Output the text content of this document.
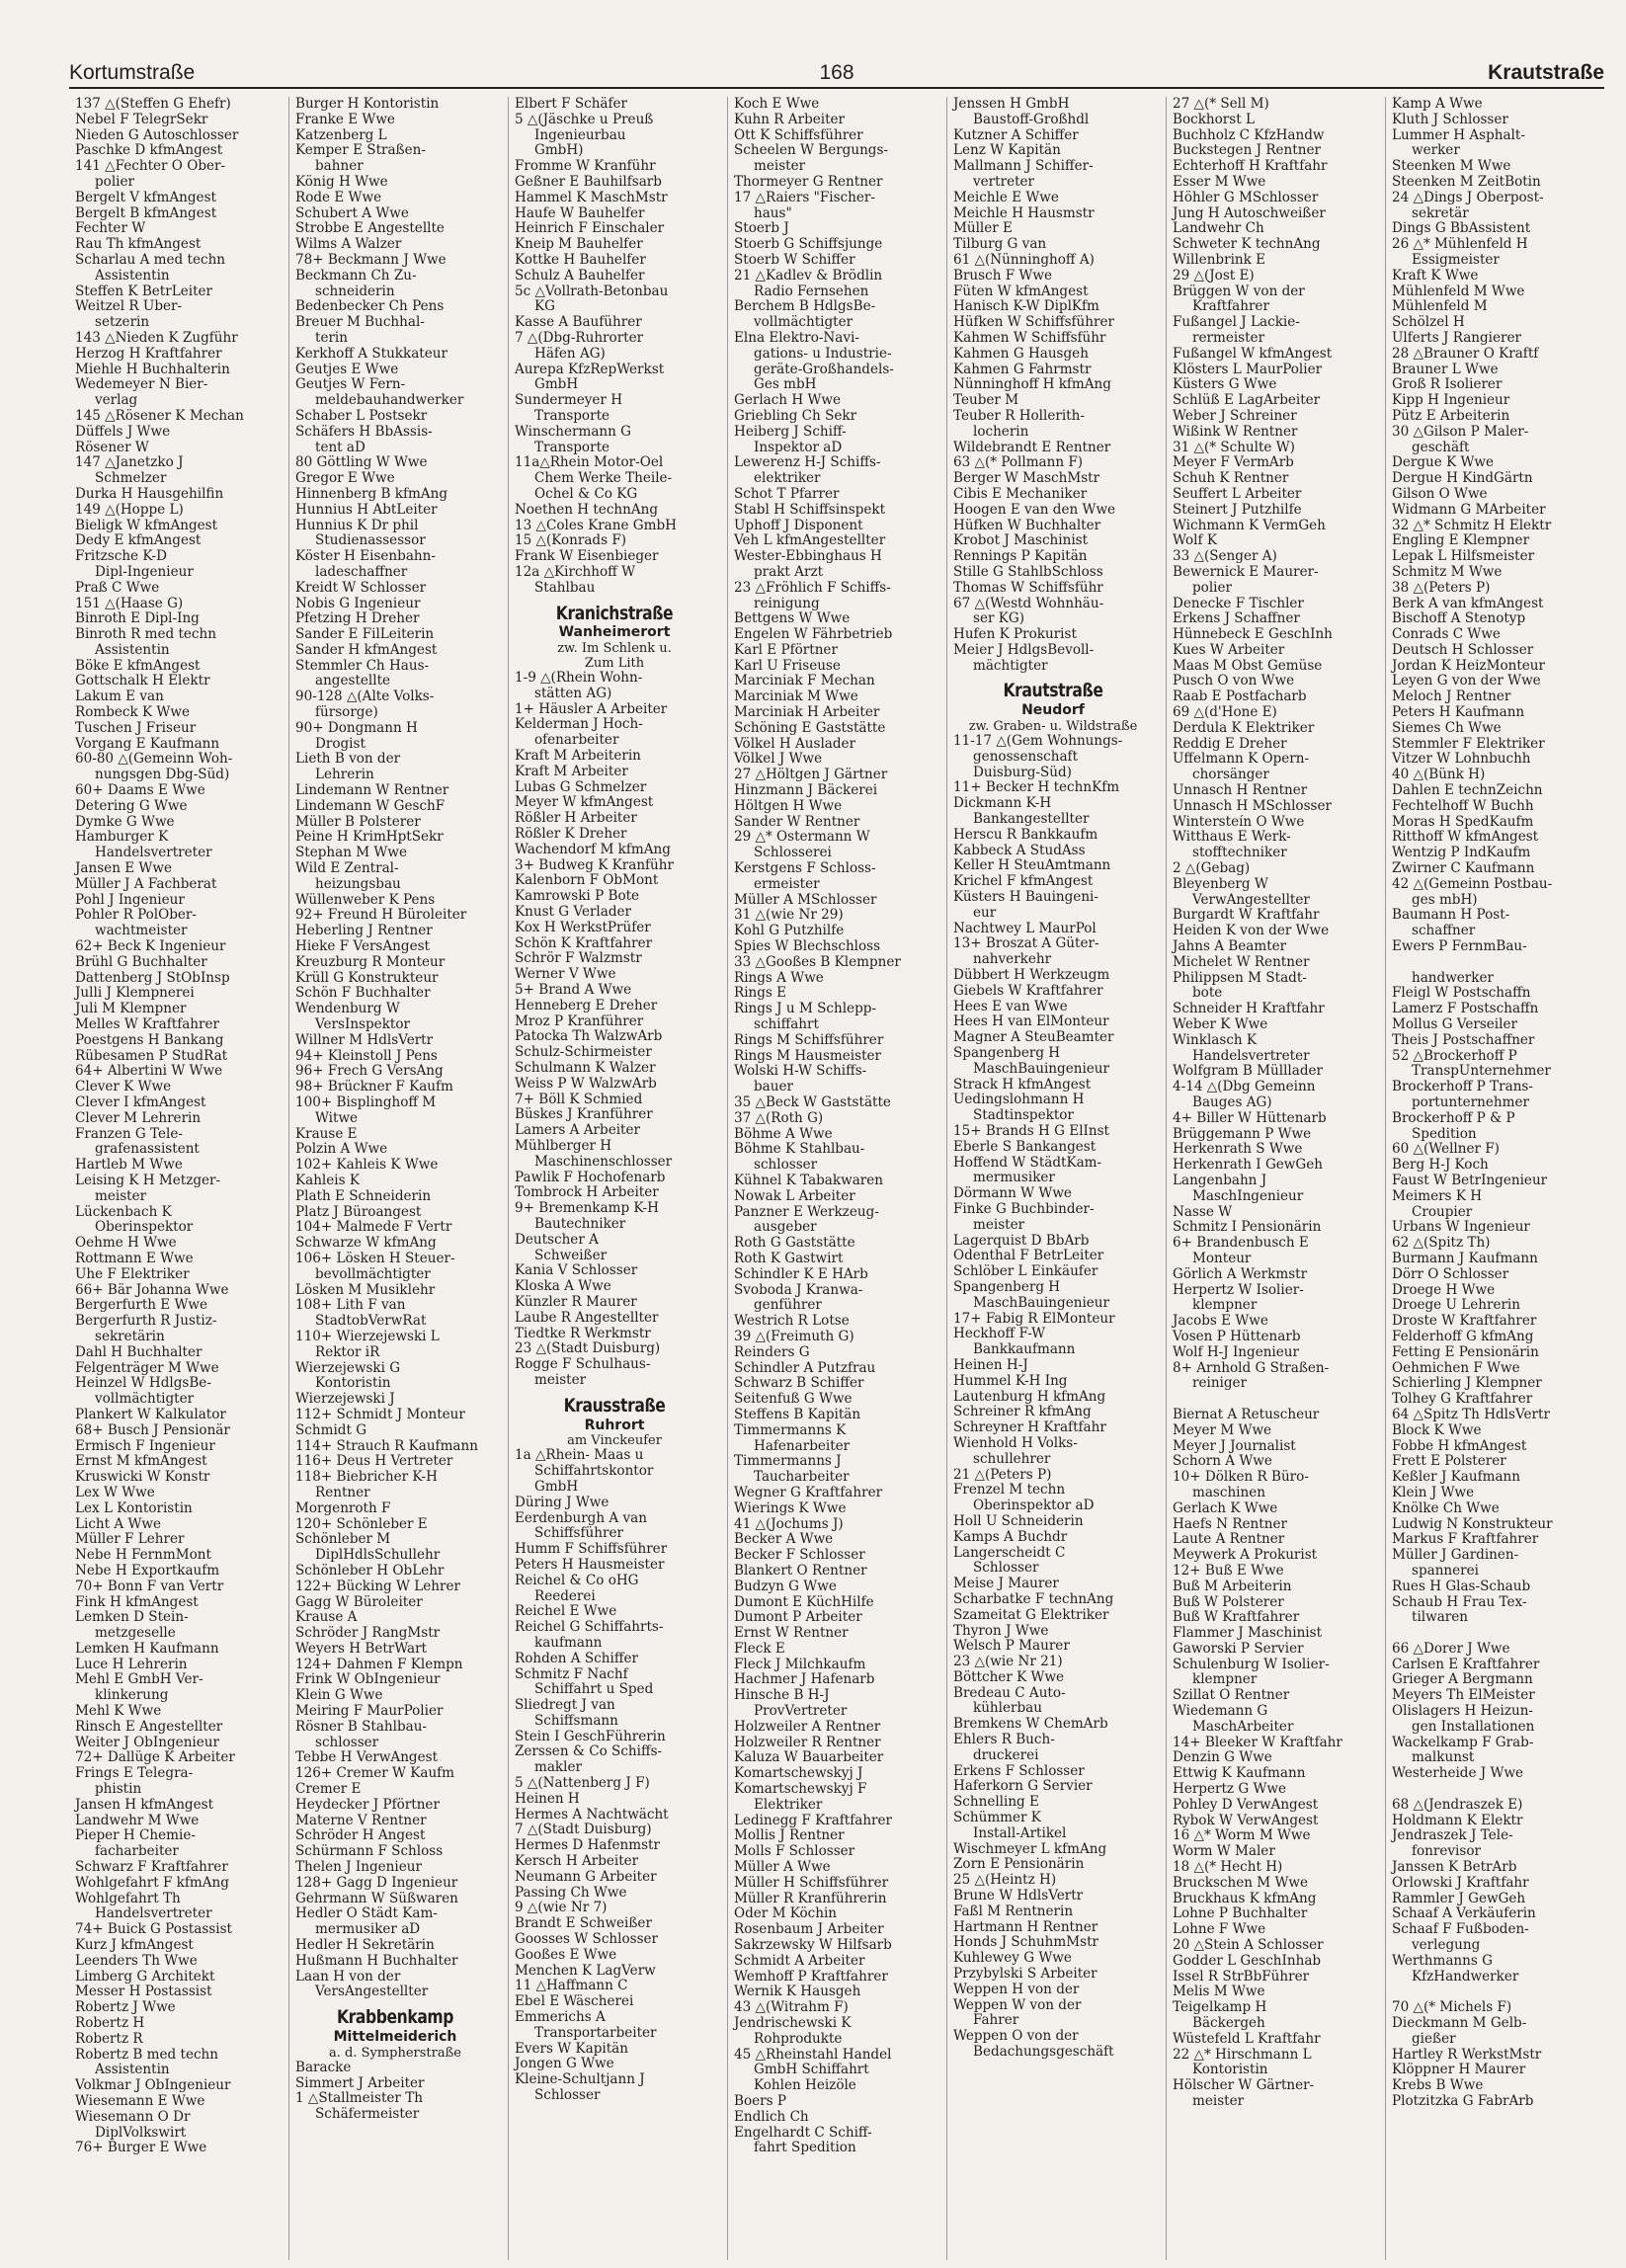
Kortumstraße	168	Krautstraße
137 △(Steffen G Ehefr)
Nebel F TelegrSekr
Nieden G Autoschlosser
Paschke D kfmAngest
141 △Fechter O Ober-
polier
Bergelt V kfmAngest
Bergelt B kfmAngest
Fechter W
Rau Th kfmAngest
Scharlau A med techn
Assistentin
Steffen K BetrLeiter
Weitzel R Über-
setzerin
143 △Nieden K Zugführ
Herzog H Kraftfahrer
Miehle H Buchhalterin
Wedemeyer N Bier-
verlag
145 △Rösener K Mechan
Düffels J Wwe
Rösener W
147 △Janetzko J
Schmelzer
Durka H Hausgehilfin
149 △(Hoppe L)
Bieligk W kfmAngest
Dedy E kfmAngest
Fritzsche K-D
Dipl-Ingenieur
Praß C Wwe
151 △(Haase G)
Binroth E Dipl-Ing
Binroth R med techn
Assistentin
Böke E kfmAngest
Gottschalk H Elektr
Lakum E van
Rombeck K Wwe
Tuschen J Friseur
Vorgang E Kaufmann
60-80 △(Gemeinn Woh-
nungsgen Dbg-Süd)
60+ Daams E Wwe
Detering G Wwe
Dymke G Wwe
Hamburger K
Handelsvertreter
Jansen E Wwe
Müller J A Fachberat
Pohl J Ingenieur
Pohler R PolOber-
wachtmeister
62+ Beck K Ingenieur
Brühl G Buchhalter
Dattenberg J StObInsp
Julli J Klempnerei
Juli M Klempner
Melles W Kraftfahrer
Poestgens H Bankang
Rübesamen P StudRat
64+ Albertini W Wwe
Clever K Wwe
Clever I kfmAngest
Clever M Lehrerin
Franzen G Tele-
grafenassistent
Hartleb M Wwe
Leising K H Metzger-
meister
Lückenbach K
Oberinspektor
Oehme H Wwe
Rottmann E Wwe
Uhe F Elektriker
66+ Bär Johanna Wwe
Bergerfurth E Wwe
Bergerfurth R Justiz-
sekretärin
Dahl H Buchhalter
Felgenträger M Wwe
Heinzel W HdlgsBe-
vollmächtigter
Plankert W Kalkulator
68+ Busch J Pensionär
Ermisch F Ingenieur
Ernst M kfmAngest
Kruswicki W Konstr
Lex W Wwe
Lex L Kontoristin
Licht A Wwe
Müller F Lehrer
Nebe H FernmMont
Nebe H Exportkaufm
70+ Bonn F van Vertr
Fink H kfmAngest
Lemken D Stein-
metzgeselle
Lemken H Kaufmann
Luce H Lehrerin
Mehl E GmbH Ver-
klinkerung
Mehl K Wwe
Rinsch E Angestellter
Weiter J ObIngenieur
72+ Dallüge K Arbeiter
Frings E Telegra-
phistin
Jansen H kfmAngest
Landwehr M Wwe
Pieper H Chemie-
facharbeiter
Schwarz F Kraftfahrer
Wohlgefahrt F kfmAng
Wohlgefahrt Th
Handelsvertreter
74+ Buick G Postassist
Kurz J kfmAngest
Leenders Th Wwe
Limberg G Architekt
Messer H Postassist
Robertz J Wwe
Robertz H
Robertz R
Robertz B med techn
Assistentin
Volkmar J ObIngenieur
Wiesemann E Wwe
Wiesemann O Dr
DiplVolkswirt
76+ Burger E Wwe
Burger H Kontoristin
Franke E Wwe
Katzenberg L
Kemper E Straßen-
bahner
König H Wwe
Rode E Wwe
Schubert A Wwe
Strobbe E Angestellte
Wilms A Walzer
78+ Beckmann J Wwe
Beckmann Ch Zu-
schneiderin
Bedenbecker Ch Pens
Breuer M Buchhal-
terin
Kerkhoff A Stukkateur
Geutjes E Wwe
Geutjes W Fern-
meldebauhandwerker
Schaber L Postsekr
Schäfers H BbAssis-
tent aD
80 Göttling W Wwe
Gregor E Wwe
Hinnenberg B kfmAng
Hunnius H AbtLeiter
Hunnius K Dr phil
Studienassessor
Köster H Eisenbahn-
ladeschaffner
Kreidt W Schlosser
Nobis G Ingenieur
Pfetzing H Dreher
Sander E FilLeiterin
Sander H kfmAngest
Stemmler Ch Haus-
angestellte
90-128 △(Alte Volks-
fürsorge)
90+ Dongmann H
Drogist
Lieth B von der
Lehrerin
Lindemann W Rentner
Lindemann W GeschF
Müller B Polsterer
Peine H KrimHptSekr
Stephan M Wwe
Wild E Zentral-
heizungsbau
Wüllenweber K Pens
92+ Freund H Büroleiter
Heberling J Rentner
Hieke F VersAngest
Kreuzburg R Monteur
Krüll G Konstrukteur
Schön F Buchhalter
Wendenburg W
VersInspektor
Willner M HdlsVertr
94+ Kleinstoll J Pens
96+ Frech G VersAng
98+ Brückner F Kaufm
100+ Bisplinghoff M
Witwe
Krause E
Polzin A Wwe
102+ Kahleis K Wwe
Kahleis K
Plath E Schneiderin
Platz J Büroangest
104+ Malmede F Vertr
Schwarze W kfmAng
106+ Lösken H Steuer-
bevollmächtigter
Lösken M Musiklehr
108+ Lith F van
StadtobVerwRat
110+ Wierzejewski L
Rektor iR
Wierzejewski G
Kontoristin
Wierzejewski J
112+ Schmidt J Monteur
Schmidt G
114+ Strauch R Kaufmann
116+ Deus H Vertreter
118+ Biebricher K-H
Rentner
Morgenroth F
120+ Schönleber E
Schönleber M
DiplHdlsSchullehr
Schönleber H ObLehr
122+ Bücking W Lehrer
Gagg W Büroleiter
Krause A
Schröder J RangMstr
Weyers H BetrWart
124+ Dahmen F Klempn
Frink W ObIngenieur
Klein G Wwe
Meiring F MaurPolier
Rösner B Stahlbau-
schlosser
Tebbe H VerwAngest
126+ Cremer W Kaufm
Cremer E
Heydecker J Pförtner
Materne V Rentner
Schröder H Angest
Schürmann F Schloss
Thelen J Ingenieur
128+ Gagg D Ingenieur
Gehrmann W Süßwaren
Hedler O Städt Kam-
mermusiker aD
Hedler H Sekretärin
Hußmann H Buchhalter
Laan H von der
VersAngestellter
Krabbenkamp
Mittelmeiderich
a. d. Sympherstraße
Baracke
Simmert J Arbeiter
1 △Stallmeister Th
Schäfermeister
Elbert F Schäfer
5 △(Jäschke u Preuß
Ingenieurbau
GmbH)
Fromme W Kranführ
Geßner E Bauhilfsarb
Hammel K MaschMstr
Haufe W Bauhelfer
Heinrich F Einschaler
Kneip M Bauhelfer
Kottke H Bauhelfer
Schulz A Bauhelfer
5c △Vollrath-Betonbau
KG
Kasse A Bauführer
7 △(Dbg-Ruhrorter
Häfen AG)
Aurepa KfzRepWerkst
GmbH
Sundermeyer H
Transporte
Winschermann G
Transporte
11a△Rhein Motor-Oel
Chem Werke Theile-
Ochel & Co KG
Noethen H technAng
13 △Coles Krane GmbH
15 △(Konrads F)
Frank W Eisenbieger
12a △Kirchhoff W
Stahlbau
Kranichstraße
Wanheimerort
zw. Im Schlenk u.
Zum Lith
1-9 △(Rhein Wohn-
stätten AG)
1+ Häusler A Arbeiter
Kelderman J Hoch-
ofenarbeiter
Kraft M Arbeiterin
Kraft M Arbeiter
Lubas G Schmelzer
Meyer W kfmAngest
Rößler H Arbeiter
Rößler K Dreher
Wachendorf M kfmAng
3+ Budweg K Kranführ
Kalenborn F ObMont
Kamrowski P Bote
Knust G Verlader
Kox H WerkstPrüfer
Schön K Kraftfahrer
Schrör F Walzmstr
Werner V Wwe
5+ Brand A Wwe
Henneberg E Dreher
Mroz P Kranführer
Patocka Th WalzwArb
Schulz-Schirmeister
Schulmann K Walzer
Weiss P W WalzwArb
7+ Böll K Schmied
Büskes J Kranführer
Lamers A Arbeiter
Mühlberger H
Maschinenschlosser
Pawlik F Hochofenarb
Tombrock H Arbeiter
9+ Bremenkamp K-H
Bautechniker
Deutscher A
Schweißer
Kania V Schlosser
Kloska A Wwe
Künzler R Maurer
Laube R Angestellter
Tiedtke R Werkmstr
23 △(Stadt Duisburg)
Rogge F Schulhaus-
meister
Krausstraße
Ruhrort
am Vinckeufer
1a △Rhein- Maas u
Schiffahrtskontor
GmbH
Düring J Wwe
Eerdenburgh A van
Schiffsführer
Humm F Schiffsführer
Peters H Hausmeister
Reichel & Co oHG
Reederei
Reichel E Wwe
Reichel G Schiffahrts-
kaufmann
Rohden A Schiffer
Schmitz F Nachf
Schiffahrt u Sped
Sliedregt J van
Schiffsmann
Stein I GeschFührerin
Zerssen & Co Schiffs-
makler
5 △(Nattenberg J F)
Heinen H
Hermes A Nachtwächt
7 △(Stadt Duisburg)
Hermes D Hafenmstr
Kersch H Arbeiter
Neumann G Arbeiter
Passing Ch Wwe
9 △(wie Nr 7)
Brandt E Schweißer
Goosses W Schlosser
Gooßes E Wwe
Menchen K LagVerw
11 △Haffmann C
Ebel E Wäscherei
Emmerichs A
Transportarbeiter
Evers W Kapitän
Jongen G Wwe
Kleine-Schultjann J
Schlosser
Koch E Wwe
Kuhn R Arbeiter
Ott K Schiffsführer
Scheelen W Bergungs-
meister
Thormeyer G Rentner
17 △Raiers "Fischer-
haus"
Stoerb J
Stoerb G Schiffsjunge
Stoerb W Schiffer
21 △Kadlev & Brödlin
Radio Fernsehen
Berchem B HdlgsBe-
vollmächtigter
Elna Elektro-Navi-
gations- u Industrie-
geräte-Großhandels-
Ges mbH
Gerlach H Wwe
Griebling Ch Sekr
Heiberg J Schiff-
Inspektor aD
Lewerenz H-J Schiffs-
elektriker
Schot T Pfarrer
Stabl H Schiffsinspekt
Uphoff J Disponent
Veh L kfmAngestellter
Wester-Ebbinghaus H
prakt Arzt
23 △Fröhlich F Schiffs-
reinigung
Bettgens W Wwe
Engelen W Fährbetrieb
Karl E Pförtner
Karl U Friseuse
Marciniak F Mechan
Marciniak M Wwe
Marciniak H Arbeiter
Schöning E Gaststätte
Völkel H Auslader
Völkel J Wwe
27 △Höltgen J Gärtner
Hinzmann J Bäckerei
Höltgen H Wwe
Sander W Rentner
29 △* Ostermann W
Schlosserei
Kerstgens F Schloss-
ermeister
Müller A MSchlosser
31 △(wie Nr 29)
Kohl G Putzhilfe
Spies W Blechschloss
33 △Gooßes B Klempner
Rings A Wwe
Rings E
Rings J u M Schlepp-
schiffahrt
Rings M Schiffsführer
Rings M Hausmeister
Wolski H-W Schiffs-
bauer
35 △Beck W Gaststätte
37 △(Roth G)
Böhme A Wwe
Böhme K Stahlbau-
schlosser
Kühnel K Tabakwaren
Nowak L Arbeiter
Panzner E Werkzeug-
ausgeber
Roth G Gaststätte
Roth K Gastwirt
Schindler K E HArb
Svoboda J Kranwa-
genführer
Westrich R Lotse
39 △(Freimuth G)
Reinders G
Schindler A Putzfrau
Schwarz B Schiffer
Seitenfuß G Wwe
Steffens B Kapitän
Timmermanns K
Hafenarbeiter
Timmermanns J
Taucharbeiter
Wegner G Kraftfahrer
Wierings K Wwe
41 △(Jochums J)
Becker A Wwe
Becker F Schlosser
Blankert O Rentner
Budzyn G Wwe
Dumont E KüchHilfe
Dumont P Arbeiter
Ernst W Rentner
Fleck E
Fleck J Milchkaufm
Hachmer J Hafenarb
Hinsche B H-J
ProvVertreter
Holzweiler A Rentner
Holzweiler R Rentner
Kaluza W Bauarbeiter
Komartschewskyj J
Komartschewskyj F
Elektriker
Ledinegg F Kraftfahrer
Mollis J Rentner
Molls F Schlosser
Müller A Wwe
Müller H Schiffsführer
Müller R Kranführerin
Oder M Köchin
Rosenbaum J Arbeiter
Sakrzewsky W Hilfsarb
Schmidt A Arbeiter
Wemhoff P Kraftfahrer
Wernik K Hausgeh
43 △(Witrahm F)
Jendrischewski K
Rohprodukte
45 △Rheinstahl Handel
GmbH Schiffahrt
Kohlen Heizöle
Boers P
Endlich Ch
Engelhardt C Schiff-
fahrt Spedition
Jenssen H GmbH
Baustoff-Großhdl
Kutzner A Schiffer
Lenz W Kapitän
Mallmann J Schiffer-
vertreter
Meichle E Wwe
Meichle H Hausmstr
Müller E
Tilburg G van
61 △(Nünninghoff A)
Brusch F Wwe
Füten W kfmAngest
Hanisch K-W DiplKfm
Hüfken W Schiffsführer
Kahmen W Schiffsführ
Kahmen G Hausgeh
Kahmen G Fahrmstr
Nünninghoff H kfmAng
Teuber M
Teuber R Hollerith-
locherin
Wildebrandt E Rentner
63 △(* Pollmann F)
Berger W MaschMstr
Cibis E Mechaniker
Hoogen E van den Wwe
Hüfken W Buchhalter
Krobot J Maschinist
Rennings P Kapitän
Stille G StahlbSchloss
Thomas W Schiffsführ
67 △(Westd Wohnhäu-
ser KG)
Hufen K Prokurist
Meier J HdlgsBevoll-
mächtigter
Krautstraße
Neudorf
zw. Graben- u. Wildstraße
11-17 △(Gem Wohnungs-
genossenschaft
Duisburg-Süd)
11+ Becker H technKfm
Dickmann K-H
Bankangestellter
Herscu R Bankkaufm
Kabbeck A StudAss
Keller H SteuAmtmann
Krichel F kfmAngest
Küsters H Bauingeni-
eur
Nachtwey L MaurPol
13+ Broszat A Güter-
nahverkehr
Dübbert H Werkzeugm
Giebels W Kraftfahrer
Hees E van Wwe
Hees H van ElMonteur
Magner A SteuBeamter
Spangenberg H
MaschBauingenieur
Strack H kfmAngest
Uedingslohmann H
Stadtinspektor
15+ Brands H G ElInst
Eberle S Bankangest
Hoffend W StädtKam-
mermusiker
Dörmann W Wwe
Finke G Buchbinder-
meister
Lagerquist D BbArb
Odenthal F BetrLeiter
Schlöber L Einkäufer
Spangenberg H
MaschBauingenieur
17+ Fabig R ElMonteur
Heckhoff F-W
Bankkaufmann
Heinen H-J
Hummel K-H Ing
Lautenburg H kfmAng
Schreiner R kfmAng
Schreyner H Kraftfahr
Wienhold H Volks-
schullehrer
21 △(Peters P)
Frenzel M techn
Oberinspektor aD
Holl U Schneiderin
Kamps A Buchdr
Langerscheidt C
Schlosser
Meise J Maurer
Scharbatke F technAng
Szameitat G Elektriker
Thyron J Wwe
Welsch P Maurer
23 △(wie Nr 21)
Böttcher K Wwe
Bredeau C Auto-
kühlerbau
Bremkens W ChemArb
Ehlers R Buch-
druckerei
Erkens F Schlosser
Haferkorn G Servier
Schnelling E
Schümmer K
Install-Artikel
Wischmeyer L kfmAng
Zorn E Pensionärin
25 △(Heintz H)
Brune W HdlsVertr
Faßl M Rentnerin
Hartmann H Rentner
Honds J SchuhmMstr
Kuhlewey G Wwe
Przybylski S Arbeiter
Weppen H von der
Weppen W von der
Fahrer
Weppen O von der
Bedachungsgeschäft
27 △(* Sell M)
Bockhorst L
Buchholz C KfzHandw
Buckstegen J Rentner
Echterhoff H Kraftfahr
Esser M Wwe
Höhler G MSchlosser
Jung H Autoschweißer
Landwehr Ch
Schweter K technAng
Willenbrink E
29 △(Jost E)
Brüggen W von der
Kraftfahrer
Fußangel J Lackie-
rermeister
Fußangel W kfmAngest
Klösters L MaurPolier
Küsters G Wwe
Schlüß E LagArbeiter
Weber J Schreiner
Wißink W Rentner
31 △(* Schulte W)
Meyer F VermArb
Schuh K Rentner
Seuffert L Arbeiter
Steinert J Putzhilfe
Wichmann K VermGeh
Wolf K
33 △(Senger A)
Bewernick E Maurer-
polier
Denecke F Tischler
Erkens J Schaffner
Hünnebeck E GeschInh
Kues W Arbeiter
Maas M Obst Gemüse
Pusch O von Wwe
Raab E Postfacharb
69 △(d'Hone E)
Derdula K Elektriker
Reddig E Dreher
Uffelmann K Opern-
chorsänger
Unnasch H Rentner
Unnasch H MSchlosser
Wintersteín O Wwe
Witthaus E Werk-
stofftechniker
2 △(Gebag)
Bleyenberg W
VerwAngestellter
Burgardt W Kraftfahr
Heiden K von der Wwe
Jahns A Beamter
Michelet W Rentner
Philippsen M Stadt-
bote
Schneider H Kraftfahr
Weber K Wwe
Winklasch K
Handelsvertreter
Wolfgram B Mülllader
4-14 △(Dbg Gemeinn
Bauges AG)
4+ Biller W Hüttenarb
Brüggemann P Wwe
Herkenrath S Wwe
Herkenrath I GewGeh
Langenbahn J
MaschIngenieur
Nasse W
Schmitz I Pensionärin
6+ Brandenbusch E
Monteur
Görlich A Werkmstr
Herpertz W Isolier-
klempner
Jacobs E Wwe
Vosen P Hüttenarb
Wolf H-J Ingenieur
8+ Arnhold G Straßen-
reiniger

Biernat A Retuscheur
Meyer M Wwe
Meyer J Journalist
Schorn A Wwe
10+ Dölken R Büro-
maschinen
Gerlach K Wwe
Haefs N Rentner
Laute A Rentner
Meywerk A Prokurist
12+ Buß E Wwe
Buß M Arbeiterin
Buß W Polsterer
Buß W Kraftfahrer
Flammer J Maschinist
Gaworski P Servier
Schulenburg W Isolier-
klempner
Szillat O Rentner
Wiedemann G
MaschArbeiter
14+ Bleeker W Kraftfahr
Denzin G Wwe
Ettwig K Kaufmann
Herpertz G Wwe
Pohley D VerwAngest
Rybok W VerwAngest
16 △* Worm M Wwe
Worm W Maler
18 △(* Hecht H)
Bruckschen M Wwe
Bruckhaus K kfmAng
Lohne P Buchhalter
Lohne F Wwe
20 △Stein A Schlosser
Godder L GeschInhab
Issel R StrBbFührer
Melis M Wwe
Teigelkamp H
Bäckergeh
Wüstefeld L Kraftfahr
22 △* Hirschmann L
Kontoristin
Hölscher W Gärtner-
meister
Kamp A Wwe
Kluth J Schlosser
Lummer H Asphalt-
werker
Steenken M Wwe
Steenken M ZeitBotin
24 △Dings J Oberpost-
sekretär
Dings G BbAssistent
26 △* Mühlenfeld H
Essigmeister
Kraft K Wwe
Mühlenfeld M Wwe
Mühlenfeld M
Schölzel H
Ulferts J Rangierer
28 △Brauner O Kraftf
Brauner L Wwe
Groß R Isolierer
Kipp H Ingenieur
Pütz E Arbeiterin
30 △Gilson P Maler-
geschäft
Dergue K Wwe
Dergue H KindGärtn
Gilson O Wwe
Widmann G MArbeiter
32 △* Schmitz H Elektr
Engling E Klempner
Lepak L Hilfsmeister
Schmitz M Wwe
38 △(Peters P)
Berk A van kfmAngest
Bischoff A Stenotyp
Conrads C Wwe
Deutsch H Schlosser
Jordan K HeizMonteur
Leyen G von der Wwe
Meloch J Rentner
Peters H Kaufmann
Siemes Ch Wwe
Stemmler F Elektriker
Vitzer W Lohnbuchh
40 △(Bünk H)
Dahlen E technZeichn
Fechtelhoff W Buchh
Moras H SpedKaufm
Ritthoff W kfmAngest
Wentzig P IndKaufm
Zwirner C Kaufmann
42 △(Gemeinn Postbau-
ges mbH)
Baumann H Post-
schaffner
Ewers P FernmBau-

handwerker
Fleigl W Postschaffn
Lamerz F Postschaffn
Mollus G Verseiler
Theis J Postschaffner
52 △Brockerhoff P
TranspUnternehmer
Brockerhoff P Trans-
portunternehmer
Brockerhoff P & P
Spedition
60 △(Wellner F)
Berg H-J Koch
Faust W BetrIngenieur
Meimers K H
Croupier
Urbans W Ingenieur
62 △(Spitz Th)
Burmann J Kaufmann
Dörr O Schlosser
Droege H Wwe
Droege U Lehrerin
Droste W Kraftfahrer
Felderhoff G kfmAng
Fetting E Pensionärin
Oehmichen F Wwe
Schierling J Klempner
Tolhey G Kraftfahrer
64 △Spitz Th HdlsVertr
Block K Wwe
Fobbe H kfmAngest
Frett E Polsterer
Keßler J Kaufmann
Klein J Wwe
Knölke Ch Wwe
Ludwig N Konstrukteur
Markus F Kraftfahrer
Müller J Gardinen-
spannerei
Rues H Glas-Schaub
Schaub H Frau Tex-
tilwaren

66 △Dorer J Wwe
Carlsen E Kraftfahrer
Grieger A Bergmann
Meyers Th ElMeister
Olislagers H Heizun-
gen Installationen
Wackelkamp F Grab-
malkunst
Westerheide J Wwe

68 △(Jendraszek E)
Holdmann K Elektr
Jendraszek J Tele-
fonrevisor
Janssen K BetrArb
Orlowski J Kraftfahr
Rammler J GewGeh
Schaaf A Verkäuferin
Schaaf F Fußboden-
verlegung
Werthmanns G
KfzHandwerker

70 △(* Michels F)
Dieckmann M Gelb-
gießer
Hartley R WerkstMstr
Klöppner H Maurer
Krebs B Wwe
Plotzitzka G FabrArb
